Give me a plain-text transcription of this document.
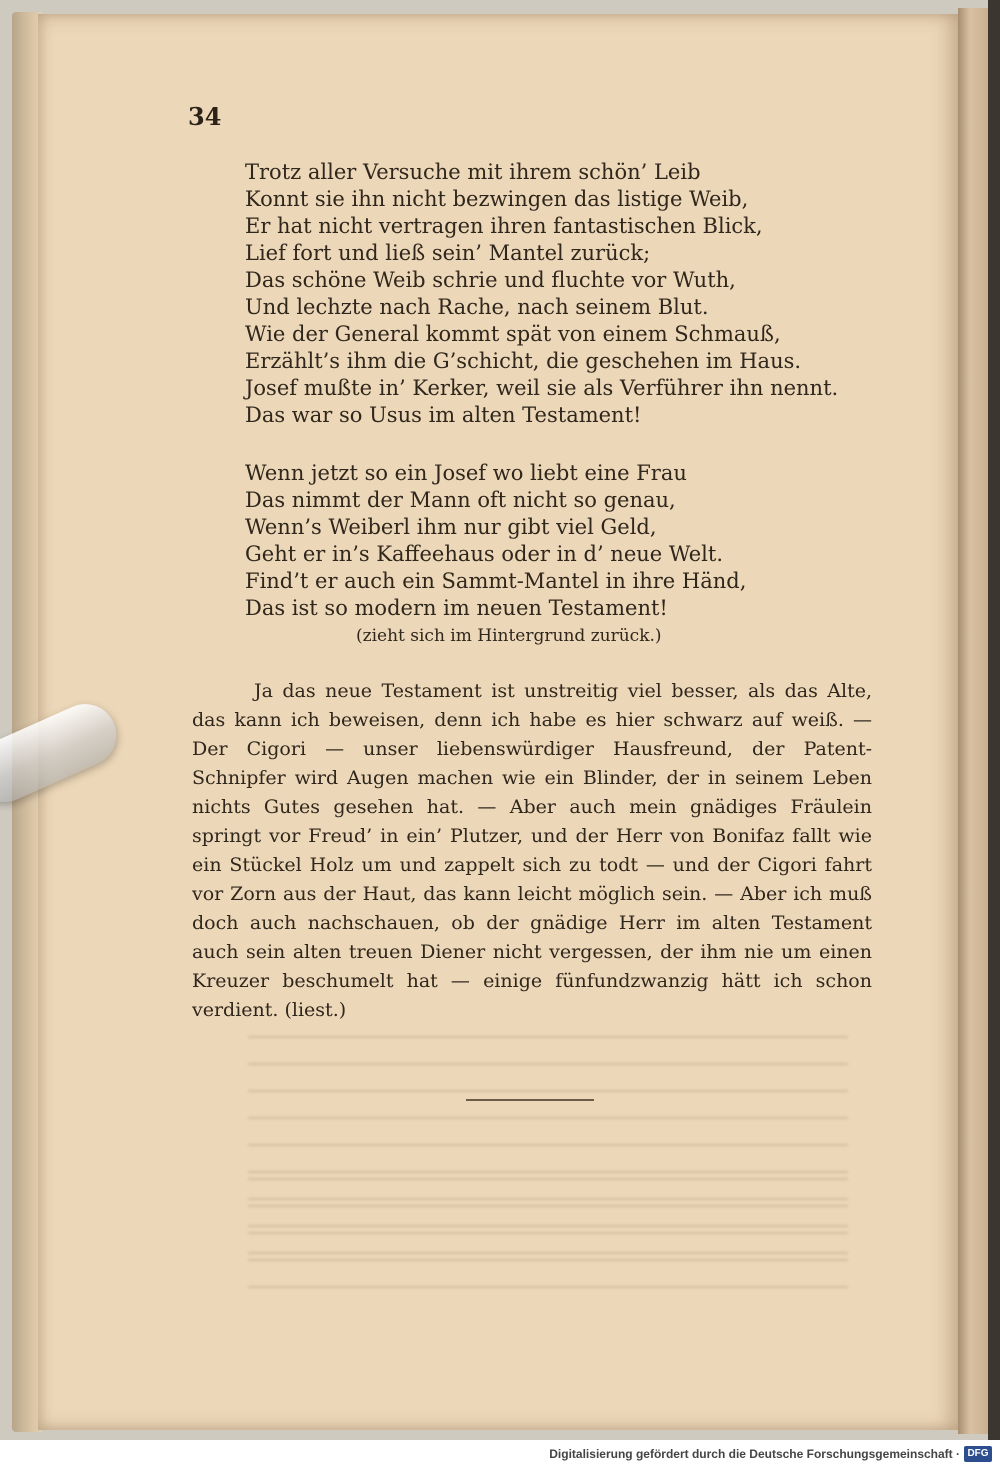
34
Trotz aller Versuche mit ihrem schön’ Leib
Konnt sie ihn nicht bezwingen das listige Weib,
Er hat nicht vertragen ihren fantastischen Blick,
Lief fort und ließ sein’ Mantel zurück;
Das schöne Weib schrie und fluchte vor Wuth,
Und lechzte nach Rache, nach seinem Blut.
Wie der General kommt spät von einem Schmauß,
Erzählt’s ihm die G’schicht, die geschehen im Haus.
Josef mußte in’ Kerker, weil sie als Verführer ihn nennt.
Das war so Usus im alten Testament!
Wenn jetzt so ein Josef wo liebt eine Frau
Das nimmt der Mann oft nicht so genau,
Wenn’s Weiberl ihm nur gibt viel Geld,
Geht er in’s Kaffeehaus oder in d’ neue Welt.
Find’t er auch ein Sammt-Mantel in ihre Händ,
Das ist so modern im neuen Testament!
(zieht sich im Hintergrund zurück.)

Ja das neue Testament ist unstreitig viel besser, als das Alte, das kann ich beweisen, denn ich habe es hier schwarz auf weiß. — Der Cigori — unser liebenswürdiger Hausfreund, der Patent-Schnipfer wird Augen machen wie ein Blinder, der in seinem Leben nichts Gutes gesehen hat. — Aber auch mein gnädiges Fräulein springt vor Freud’ in ein’ Plutzer, und der Herr von Bonifaz fallt wie ein Stückel Holz um und zappelt sich zu todt — und der Cigori fahrt vor Zorn aus der Haut, das kann leicht möglich sein. — Aber ich muß doch auch nachschauen, ob der gnädige Herr im alten Testament auch sein alten treuen Diener nicht vergessen, der ihm nie um einen Kreuzer beschumelt hat — einige fünfundzwanzig hätt ich schon verdient. (liest.)

Digitalisierung gefördert durch die Deutsche Forschungsgemeinschaft · DFG
